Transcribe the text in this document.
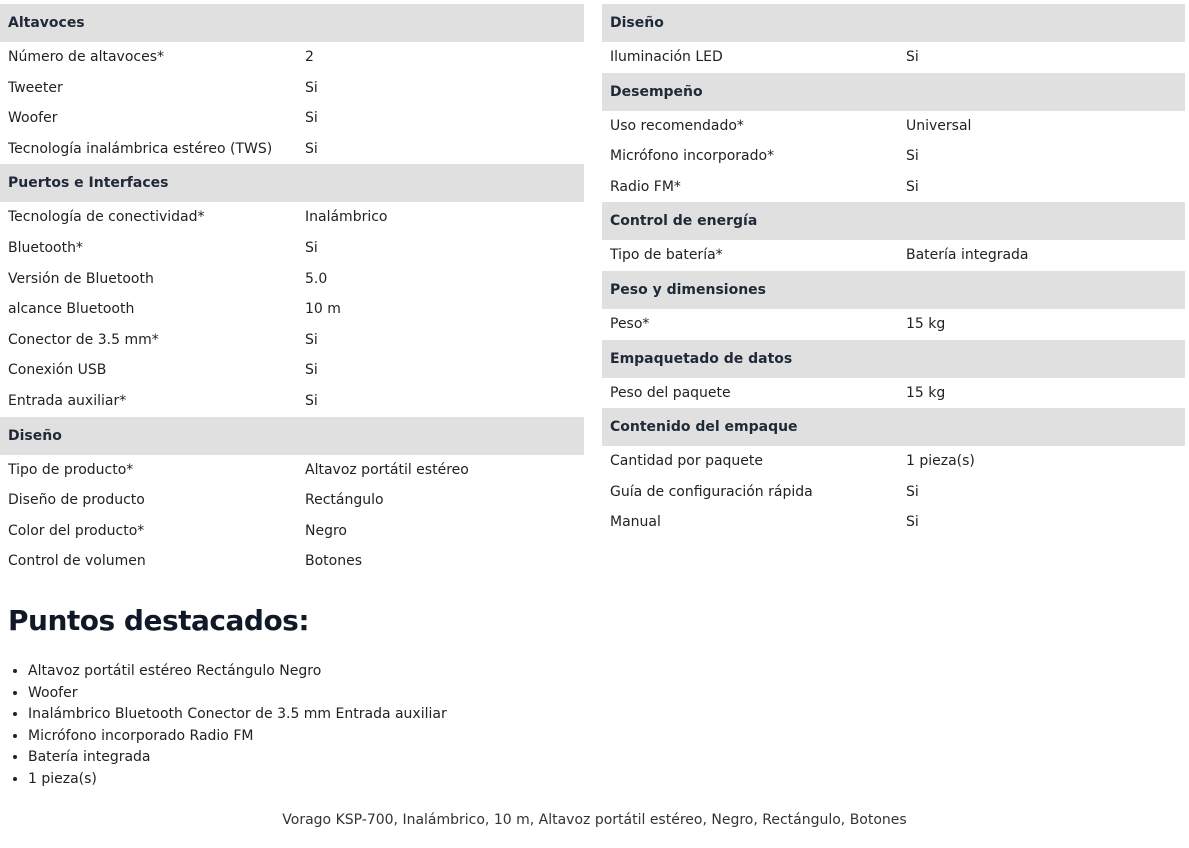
Altavoces
Número de altavoces*	2
Tweeter	Si
Woofer	Si
Tecnología inalámbrica estéreo (TWS) Si
Puertos e Interfaces
Tecnología de conectividad*	Inalámbrico
Bluetooth*	Si
Versión de Bluetooth	5.0
alcance Bluetooth	10 m
Conector de 3.5 mm*	Si
Conexión USB	Si
Entrada auxiliar*	Si
Diseño
Tipo de producto*	Altavoz portátil estéreo
Diseño de producto	Rectángulo
Color del producto*	Negro
Control de volumen	Botones
Diseño
Iluminación LED	Si
Desempeño
Uso recomendado*	Universal
Micrófono incorporado*	Si
Radio FM*	Si
Control de energía
Tipo de batería*	Batería integrada
Peso y dimensiones
Peso*	15 kg
Empaquetado de datos
Peso del paquete	15 kg
Contenido del empaque
Cantidad por paquete	1 pieza(s)
Guía de configuración rápida	Si
Manual	Si
Puntos destacados:
• Altavoz portátil estéreo Rectángulo Negro
• Woofer
• Inalámbrico Bluetooth Conector de 3.5 mm Entrada auxiliar
• Micrófono incorporado Radio FM
• Batería integrada
• 1 pieza(s)
Vorago KSP-700, Inalámbrico, 10 m, Altavoz portátil estéreo, Negro, Rectángulo, Botones
